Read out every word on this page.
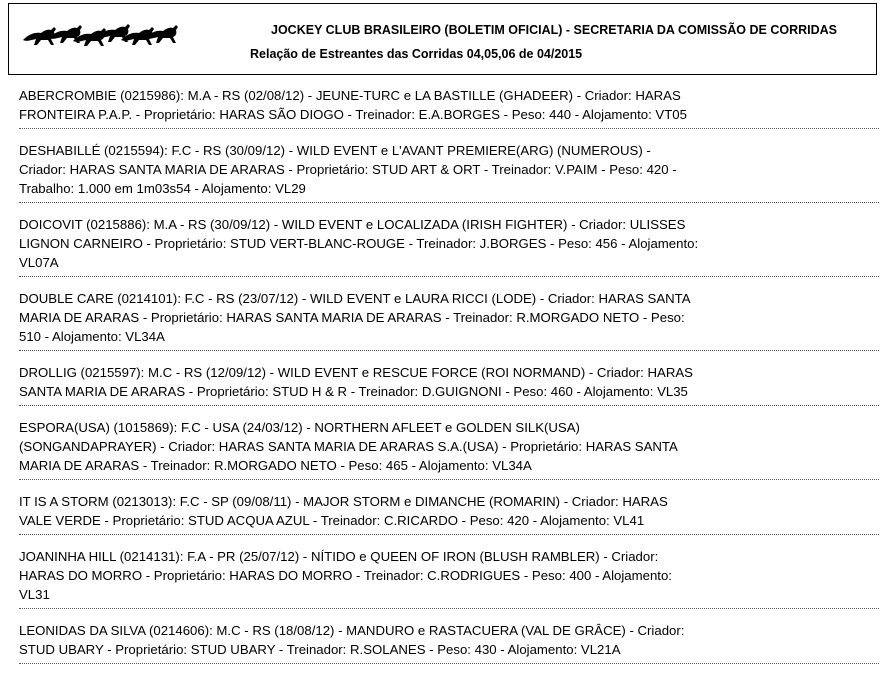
JOCKEY CLUB BRASILEIRO (BOLETIM OFICIAL) - SECRETARIA DA COMISSÃO DE CORRIDAS
Relação de Estreantes das Corridas 04,05,06 de 04/2015
ABERCROMBIE (0215986): M.A - RS (02/08/12) - JEUNE-TURC e LA BASTILLE (GHADEER) - Criador: HARAS
FRONTEIRA P.A.P. - Proprietário: HARAS SÃO DIOGO - Treinador: E.A.BORGES - Peso: 440 - Alojamento: VT05
DESHABILLÉ (0215594): F.C - RS (30/09/12) - WILD EVENT e L'AVANT PREMIERE(ARG) (NUMEROUS) -
Criador: HARAS SANTA MARIA DE ARARAS - Proprietário: STUD ART & ORT - Treinador: V.PAIM - Peso: 420 -
Trabalho: 1.000 em 1m03s54 - Alojamento: VL29
DOICOVIT (0215886): M.A - RS (30/09/12) - WILD EVENT e LOCALIZADA (IRISH FIGHTER) - Criador: ULISSES
LIGNON CARNEIRO - Proprietário: STUD VERT-BLANC-ROUGE - Treinador: J.BORGES - Peso: 456 - Alojamento:
VL07A
DOUBLE CARE (0214101): F.C - RS (23/07/12) - WILD EVENT e LAURA RICCI (LODE) - Criador: HARAS SANTA
MARIA DE ARARAS - Proprietário: HARAS SANTA MARIA DE ARARAS - Treinador: R.MORGADO NETO - Peso:
510 - Alojamento: VL34A
DROLLIG (0215597): M.C - RS (12/09/12) - WILD EVENT e RESCUE FORCE (ROI NORMAND) - Criador: HARAS
SANTA MARIA DE ARARAS - Proprietário: STUD H & R - Treinador: D.GUIGNONI - Peso: 460 - Alojamento: VL35
ESPORA(USA) (1015869): F.C - USA (24/03/12) - NORTHERN AFLEET e GOLDEN SILK(USA)
(SONGANDAPRAYER) - Criador: HARAS SANTA MARIA DE ARARAS S.A.(USA) - Proprietário: HARAS SANTA
MARIA DE ARARAS - Treinador: R.MORGADO NETO - Peso: 465 - Alojamento: VL34A
IT IS A STORM (0213013): F.C - SP (09/08/11) - MAJOR STORM e DIMANCHE (ROMARIN) - Criador: HARAS
VALE VERDE - Proprietário: STUD ACQUA AZUL - Treinador: C.RICARDO - Peso: 420 - Alojamento: VL41
JOANINHA HILL (0214131): F.A - PR (25/07/12) - NÍTIDO e QUEEN OF IRON (BLUSH RAMBLER) - Criador:
HARAS DO MORRO - Proprietário: HARAS DO MORRO - Treinador: C.RODRIGUES - Peso: 400 - Alojamento:
VL31
LEONIDAS DA SILVA (0214606): M.C - RS (18/08/12) - MANDURO e RASTACUERA (VAL DE GRÂCE) - Criador:
STUD UBARY - Proprietário: STUD UBARY - Treinador: R.SOLANES - Peso: 430 - Alojamento: VL21A
